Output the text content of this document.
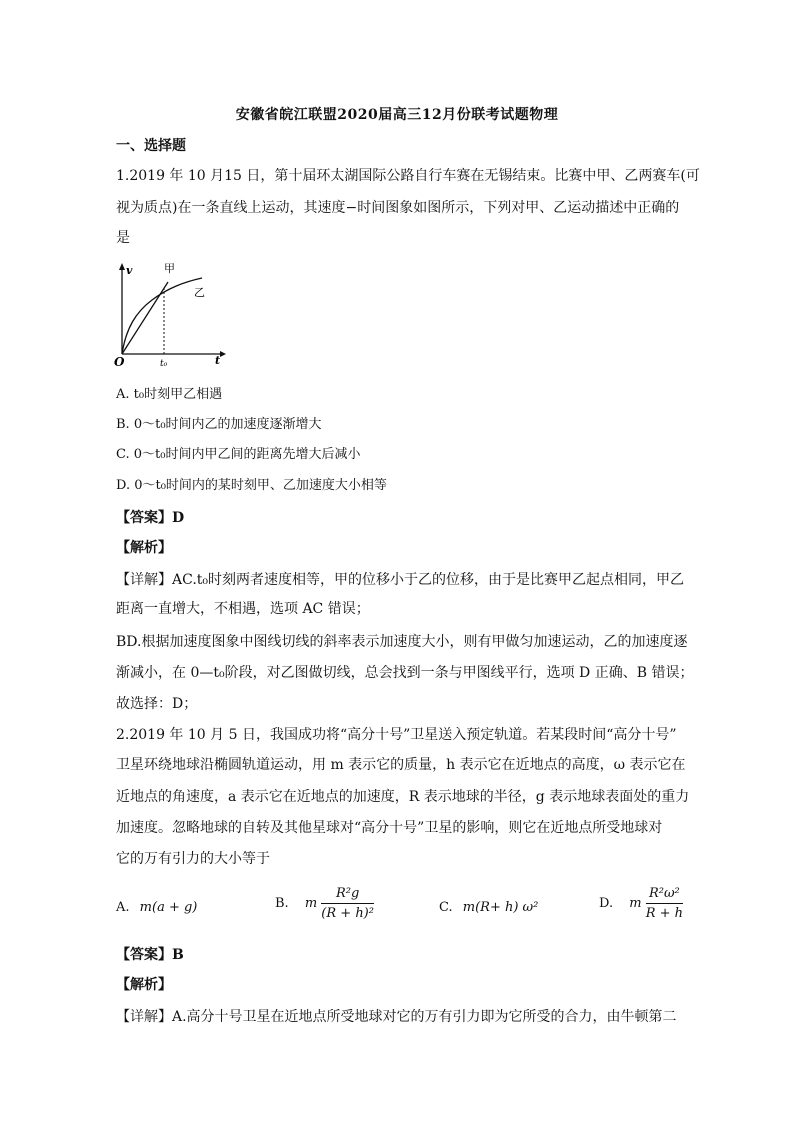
安徽省皖江联盟2020届高三12月份联考试题物理
一、选择题
1.2019 年 10 月15 日，第十届环太湖国际公路自行车赛在无锡结束。比赛中甲、乙两赛车(可
视为质点)在一条直线上运动，其速度−时间图象如图所示，下列对甲、乙运动描述中正确的
是
v
t
O
甲
乙
t₀
A. t₀时刻甲乙相遇
B. 0～t₀时间内乙的加速度逐渐增大
C. 0～t₀时间内甲乙间的距离先增大后减小
D. 0～t₀时间内的某时刻甲、乙加速度大小相等
【答案】D
【解析】
【详解】AC.t₀时刻两者速度相等，甲的位移小于乙的位移，由于是比赛甲乙起点相同，甲乙
距离一直增大，不相遇，选项 AC 错误；
BD.根据加速度图象中图线切线的斜率表示加速度大小，则有甲做匀加速运动，乙的加速度逐
渐减小，在 0—t₀阶段，对乙图做切线，总会找到一条与甲图线平行，选项 D 正确、B 错误；
故选择：D；
2.2019 年 10 月 5 日，我国成功将“高分十号”卫星送入预定轨道。若某段时间“高分十号”
卫星环绕地球沿椭圆轨道运动，用 m 表示它的质量，h 表示它在近地点的高度，ω 表示它在
近地点的角速度，a 表示它在近地点的加速度，R 表示地球的半径，g 表示地球表面处的重力
加速度。忽略地球的自转及其他星球对“高分十号”卫星的影响，则它在近地点所受地球对
它的万有引力的大小等于
A. m(a + g)	B. m $\frac{\text{R²g}}{\text{(R + h)²}}$	C. m(R+ h) ω²	D. m $\frac{\text{R²ω²}}{R + h}$
【答案】B
【解析】
【详解】A.高分十号卫星在近地点所受地球对它的万有引力即为它所受的合力，由牛顿第二
